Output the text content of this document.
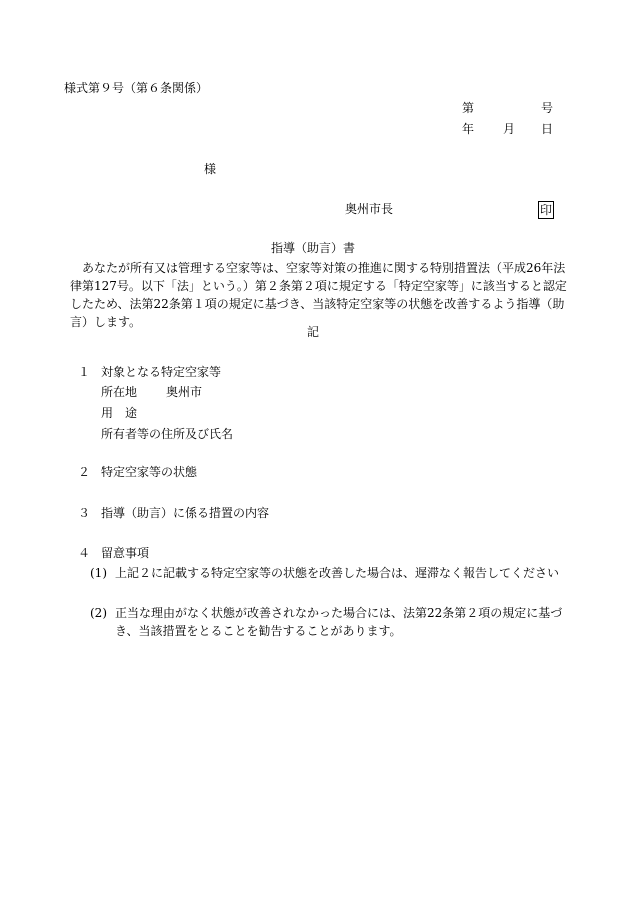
様式第９号（第６条関係）
第	号
年 月 日
様
奥州市長	印
指導（助言）書
あなたが所有又は管理する空家等は、空家等対策の推進に関する特別措置法（平成26年法律第127号。以下「法」という。）第２条第２項に規定する「特定空家等」に該当すると認定したため、法第22条第１項の規定に基づき、当該特定空家等の状態を改善するよう指導（助言）します。
記
１ 対象となる特定空家等
所在地 奥州市
用　途
所有者等の住所及び氏名
２ 特定空家等の状態
３ 指導（助言）に係る措置の内容
４ 留意事項
(1) 上記２に記載する特定空家等の状態を改善した場合は、遅滞なく報告してください
(2) 正当な理由がなく状態が改善されなかった場合には、法第22条第２項の規定に基づき、当該措置をとることを勧告することがあります。
